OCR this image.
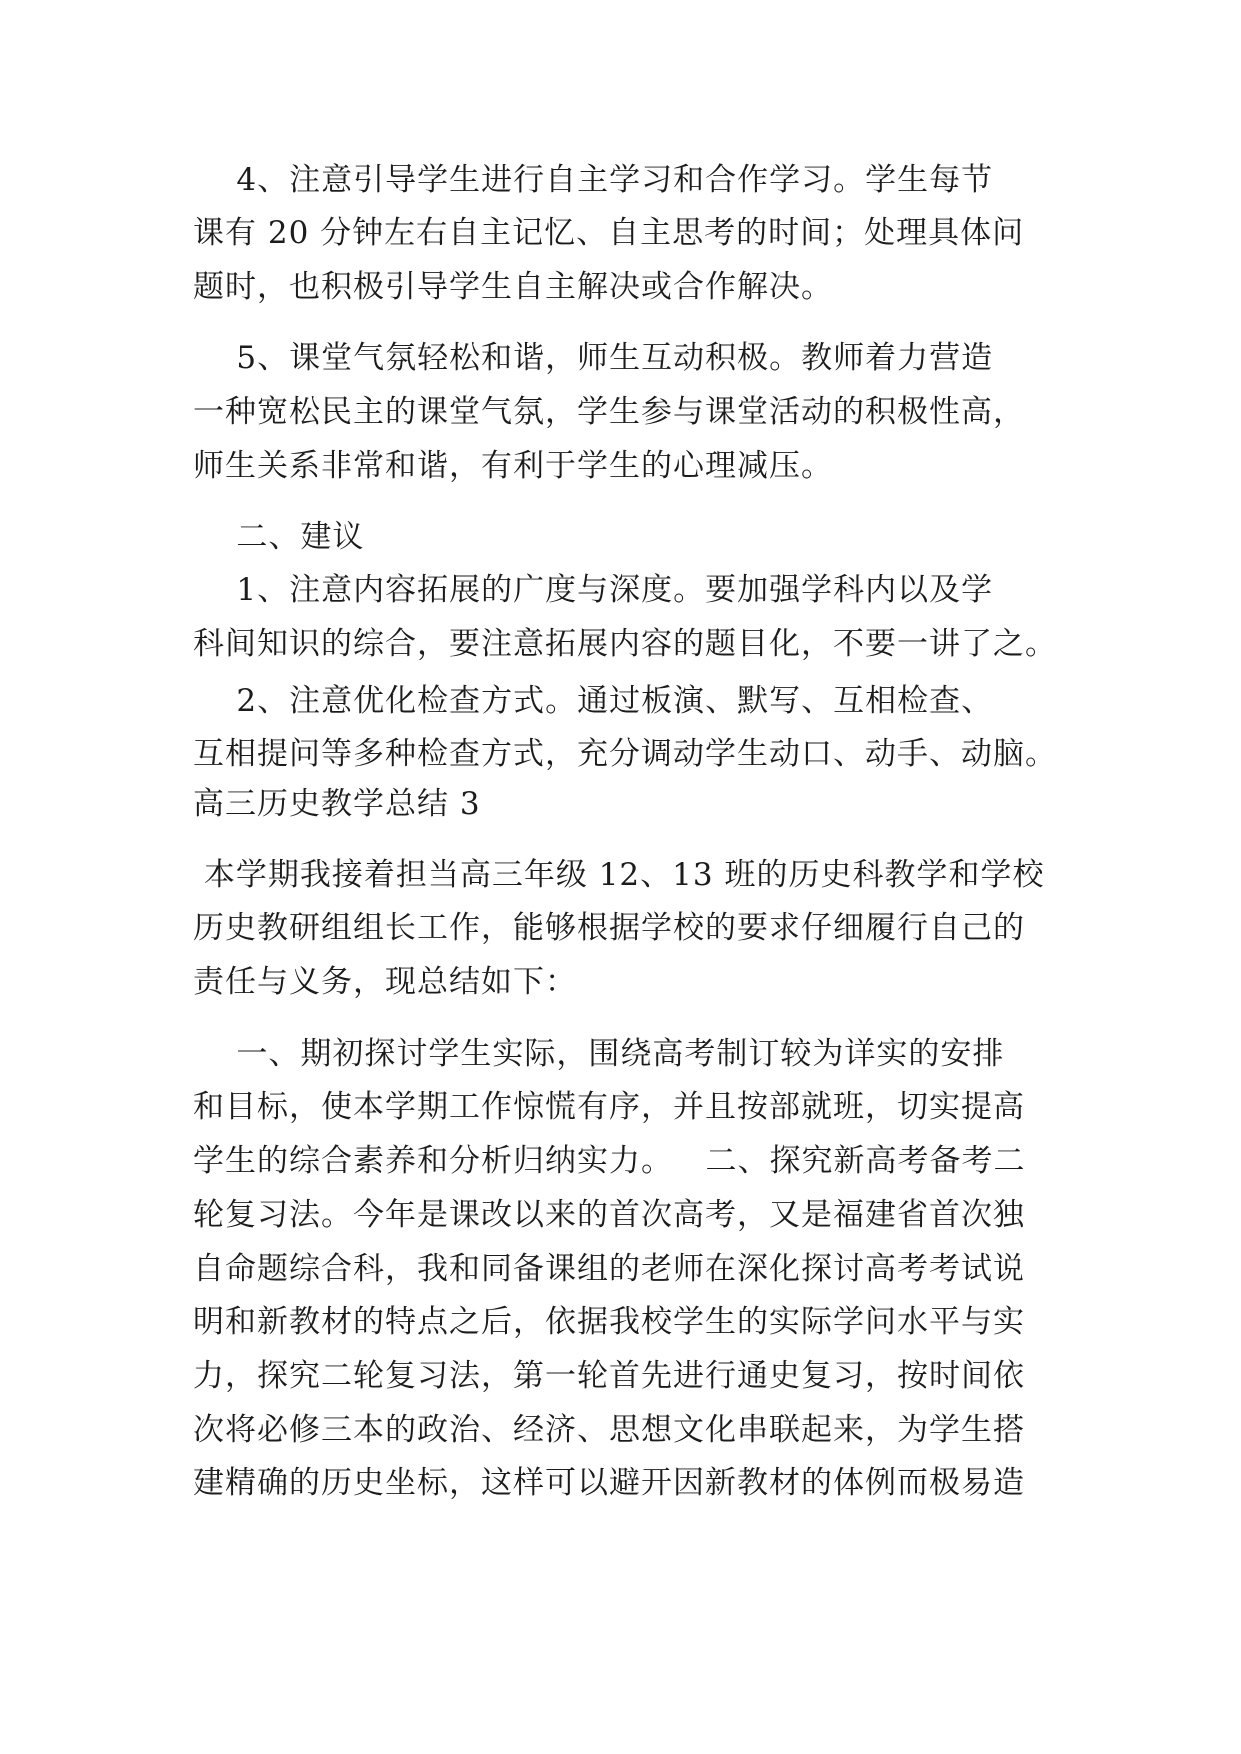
4、注意引导学生进行自主学习和合作学习。学生每节
课有 20 分钟左右自主记忆、自主思考的时间；处理具体问
题时，也积极引导学生自主解决或合作解决。
5、课堂气氛轻松和谐，师生互动积极。教师着力营造
一种宽松民主的课堂气氛，学生参与课堂活动的积极性高，
师生关系非常和谐，有利于学生的心理减压。
二、建议
1、注意内容拓展的广度与深度。要加强学科内以及学
科间知识的综合，要注意拓展内容的题目化，不要一讲了之。
2、注意优化检查方式。通过板演、默写、互相检查、
互相提问等多种检查方式，充分调动学生动口、动手、动脑。
高三历史教学总结 3
本学期我接着担当高三年级 12、13 班的历史科教学和学校
历史教研组组长工作，能够根据学校的要求仔细履行自己的
责任与义务，现总结如下：
一、期初探讨学生实际，围绕高考制订较为详实的安排
和目标，使本学期工作惊慌有序，并且按部就班，切实提高
学生的综合素养和分析归纳实力。   二、探究新高考备考二
轮复习法。今年是课改以来的首次高考，又是福建省首次独
自命题综合科，我和同备课组的老师在深化探讨高考考试说
明和新教材的特点之后，依据我校学生的实际学问水平与实
力，探究二轮复习法，第一轮首先进行通史复习，按时间依
次将必修三本的政治、经济、思想文化串联起来，为学生搭
建精确的历史坐标，这样可以避开因新教材的体例而极易造
